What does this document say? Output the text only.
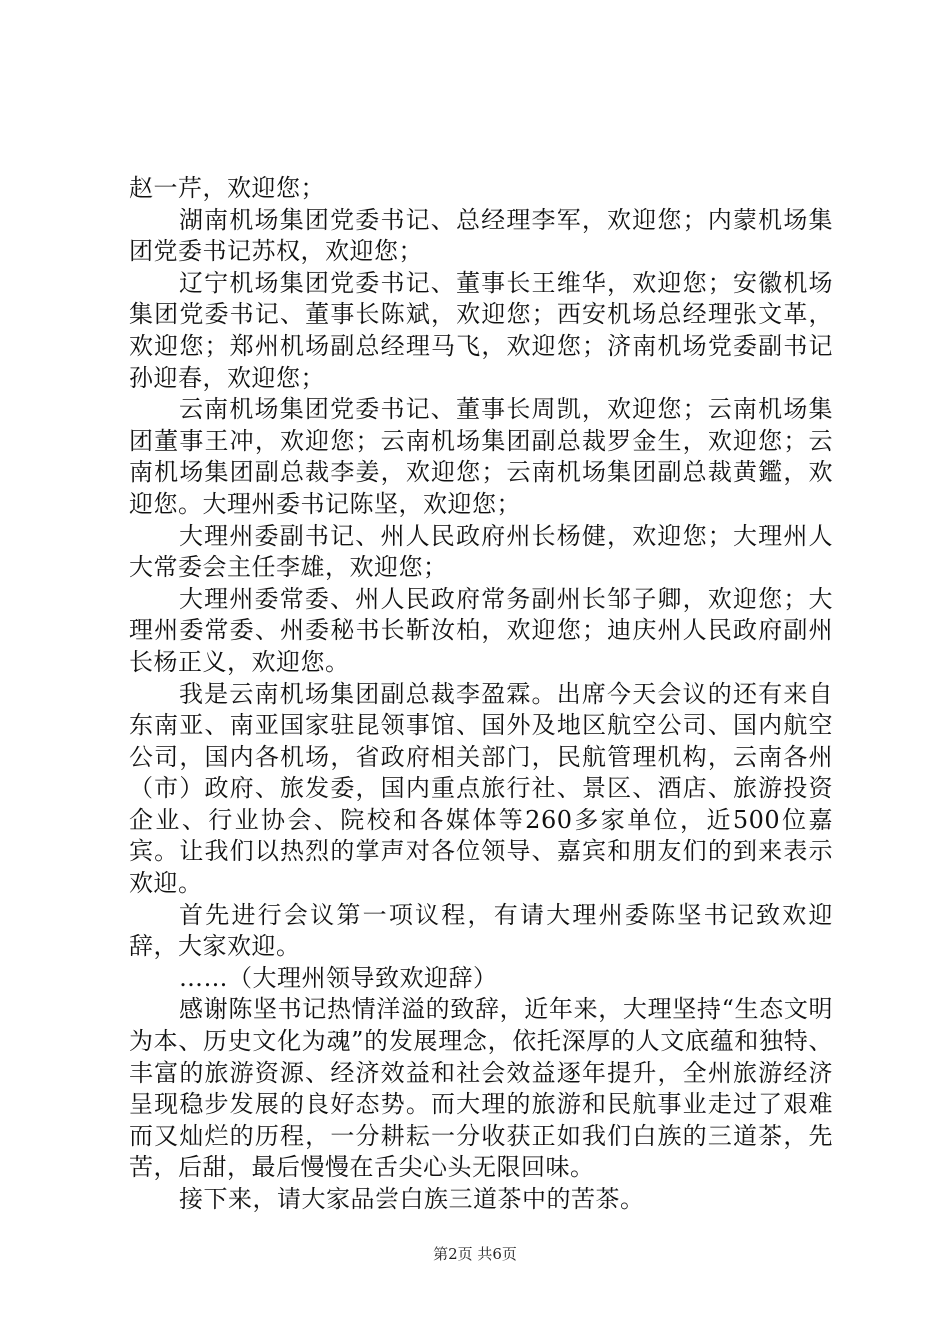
赵一芹，欢迎您；

湖南机场集团党委书记、总经理李军，欢迎您；内蒙机场集团党委书记苏权，欢迎您；

辽宁机场集团党委书记、董事长王维华，欢迎您；安徽机场集团党委书记、董事长陈斌，欢迎您；西安机场总经理张文革，欢迎您；郑州机场副总经理马飞，欢迎您；济南机场党委副书记孙迎春，欢迎您；

云南机场集团党委书记、董事长周凯，欢迎您；云南机场集团董事王冲，欢迎您；云南机场集团副总裁罗金生，欢迎您；云南机场集团副总裁李姜，欢迎您；云南机场集团副总裁黄鑑，欢迎您。大理州委书记陈坚，欢迎您；

大理州委副书记、州人民政府州长杨健，欢迎您；大理州人大常委会主任李雄，欢迎您；

大理州委常委、州人民政府常务副州长邹子卿，欢迎您；大理州委常委、州委秘书长靳汝柏，欢迎您；迪庆州人民政府副州长杨正义，欢迎您。

我是云南机场集团副总裁李盈霖。出席今天会议的还有来自东南亚、南亚国家驻昆领事馆、国外及地区航空公司、国内航空公司，国内各机场，省政府相关部门，民航管理机构，云南各州（市）政府、旅发委，国内重点旅行社、景区、酒店、旅游投资企业、行业协会、院校和各媒体等260多家单位，近500位嘉宾。让我们以热烈的掌声对各位领导、嘉宾和朋友们的到来表示欢迎。

首先进行会议第一项议程，有请大理州委陈坚书记致欢迎辞，大家欢迎。

……（大理州领导致欢迎辞）

感谢陈坚书记热情洋溢的致辞，近年来，大理坚持“生态文明为本、历史文化为魂”的发展理念，依托深厚的人文底蕴和独特、丰富的旅游资源、经济效益和社会效益逐年提升，全州旅游经济呈现稳步发展的良好态势。而大理的旅游和民航事业走过了艰难而又灿烂的历程，一分耕耘一分收获正如我们白族的三道茶，先苦，后甜，最后慢慢在舌尖心头无限回味。

接下来，请大家品尝白族三道茶中的苦茶。

第2页 共6页
